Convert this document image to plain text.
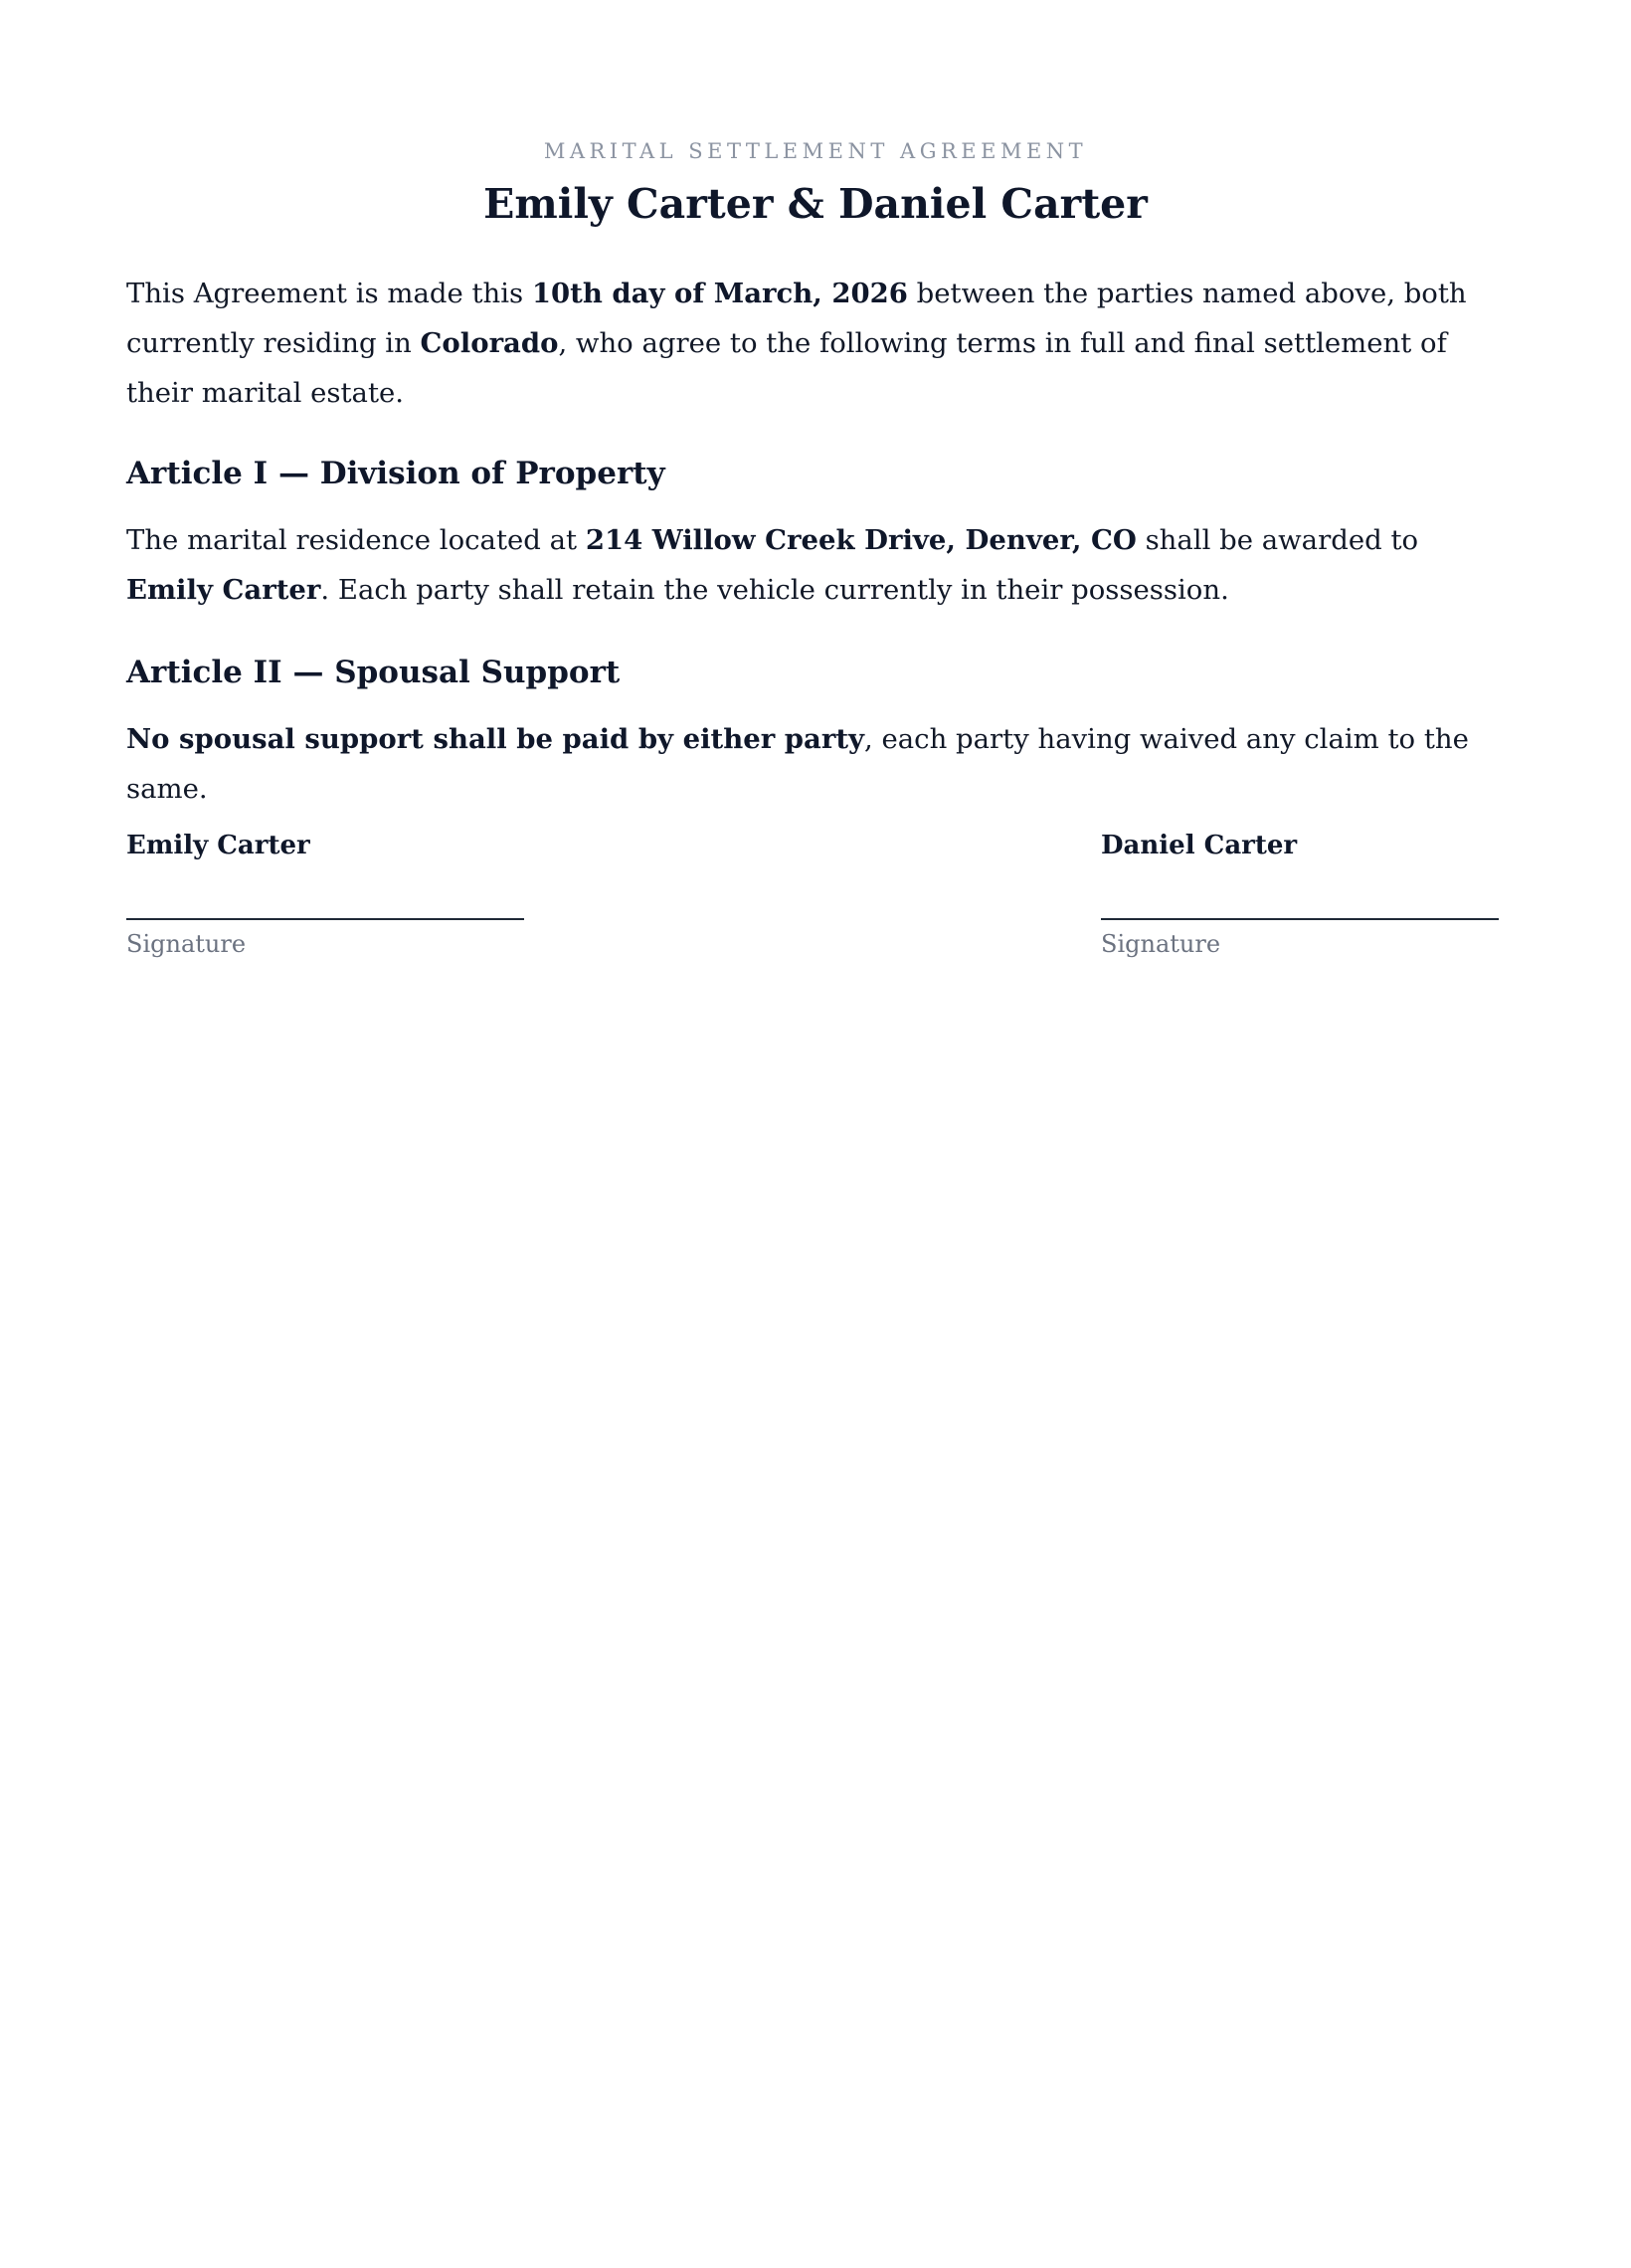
MARITAL SETTLEMENT AGREEMENT
Emily Carter & Daniel Carter

This Agreement is made this 10th day of March, 2026 between the parties named above, both currently residing in Colorado, who agree to the following terms in full and final settlement of their marital estate.

Article I — Division of Property

The marital residence located at 214 Willow Creek Drive, Denver, CO shall be awarded to Emily Carter. Each party shall retain the vehicle currently in their possession.

Article II — Spousal Support

No spousal support shall be paid by either party, each party having waived any claim to the same.

Emily Carter

Signature

Daniel Carter

Signature
